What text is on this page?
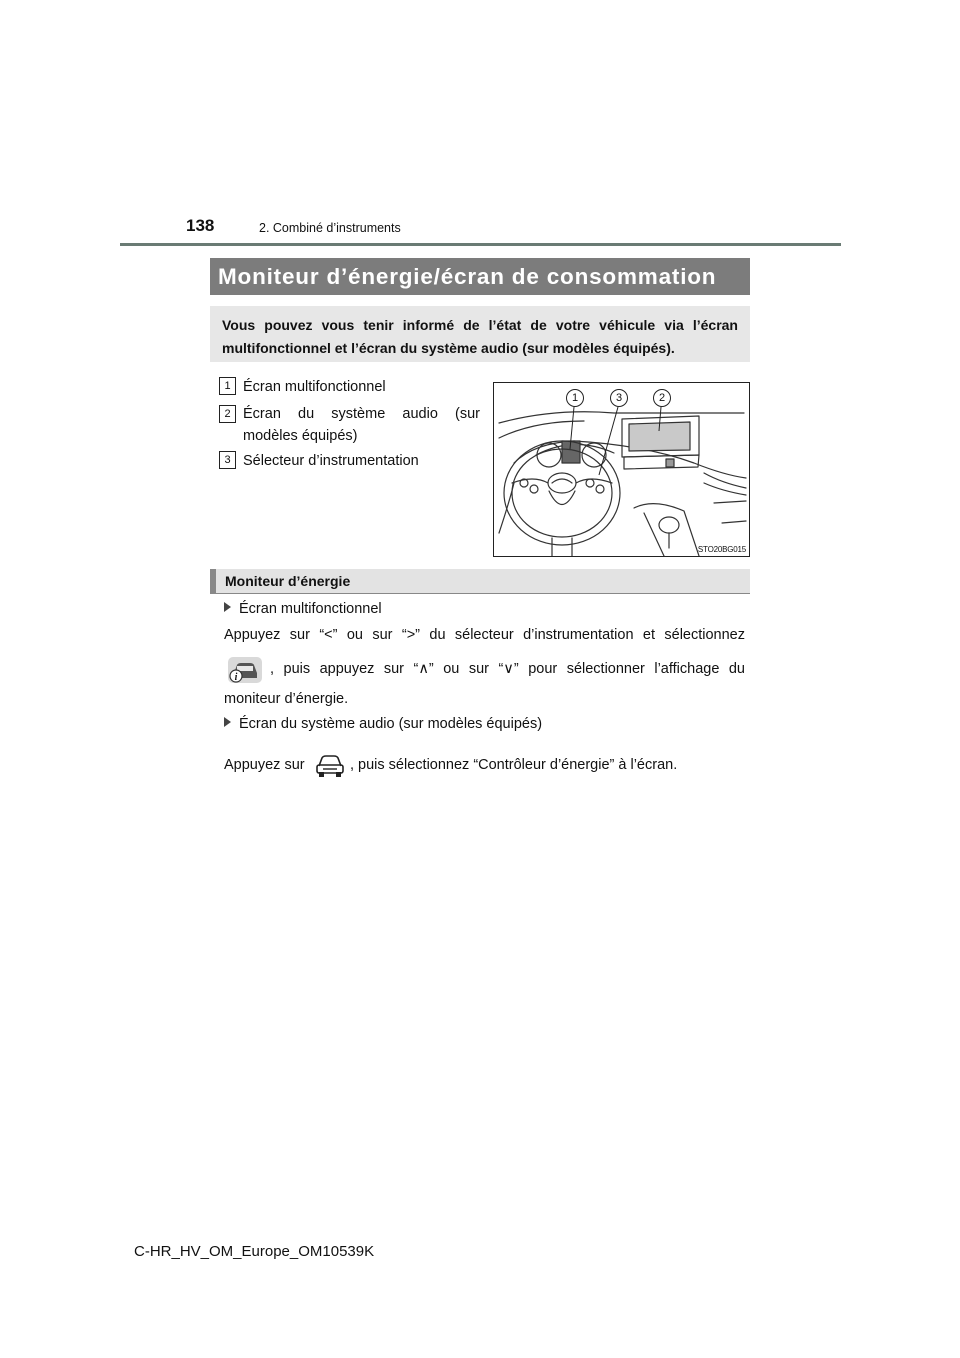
138	2. Combiné d’instruments
Moniteur d’énergie/écran de consommation
Vous pouvez vous tenir informé de l’état de votre véhicule via l’écran multifonctionnel et l’écran du système audio (sur modèles équipés).
1 Écran multifonctionnel
2 Écran du système audio (sur
modèles équipés)
3 Sélecteur d’instrumentation
1	3	2
STO20BG015
Moniteur d’énergie
Écran multifonctionnel
Appuyez sur “<” ou sur “>” du sélecteur d’instrumentation et sélectionnez
i
, puis appuyez sur “∧” ou sur “∨” pour sélectionner l’affichage du
moniteur d’énergie.
Écran du système audio (sur modèles équipés)
Appuyez sur	, puis sélectionnez “Contrôleur d’énergie” à l’écran.
C-HR_HV_OM_Europe_OM10539K
